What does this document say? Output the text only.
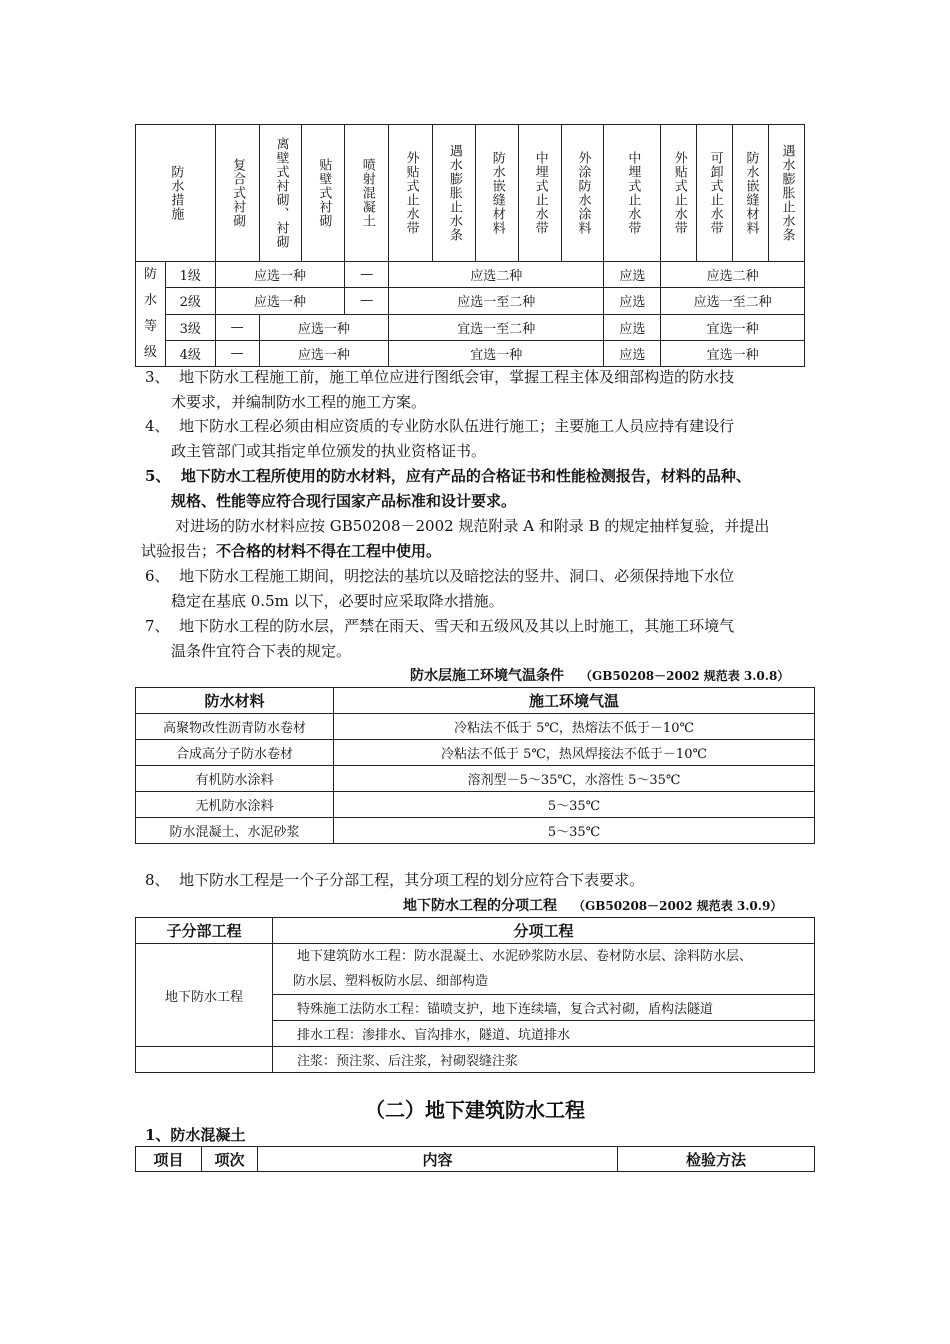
防水措施		复合式衬砌	离壁式衬砌、衬砌	贴壁式衬砌	喷射混凝土	外贴式止水带	遇水膨胀止水条	防水嵌缝材料	中埋式止水带	外涂防水涂料	中埋式止水带	外贴式止水带	可卸式止水带	防水嵌缝材料	遇水膨胀止水条

防
水
等
级	1级	应选一种			—	应选二种					应选	应选二种			
	2级	应选一种			—	应选一至二种					应选	应选一至二种			
	3级	—	应选一种			宜选一至二种					应选	宜选一种			
	4级	—	应选一种			宜选一种					应选	宜选一种			
3、 地下防水工程施工前，施工单位应进行图纸会审，掌握工程主体及细部构造的防水技
术要求，并编制防水工程的施工方案。
4、 地下防水工程必须由相应资质的专业防水队伍进行施工；主要施工人员应持有建设行
政主管部门或其指定单位颁发的执业资格证书。
5、 地下防水工程所使用的防水材料，应有产品的合格证书和性能检测报告，材料的品种、
规格、性能等应符合现行国家产品标准和设计要求。
对进场的防水材料应按 GB50208－2002 规范附录 A 和附录 B 的规定抽样复验，并提出
试验报告；不合格的材料不得在工程中使用。
6、 地下防水工程施工期间，明挖法的基坑以及暗挖法的竖井、洞口、必须保持地下水位
稳定在基底 0.5m 以下，必要时应采取降水措施。
7、 地下防水工程的防水层，严禁在雨天、雪天和五级风及其以上时施工，其施工环境气
温条件宜符合下表的规定。
防水层施工环境气温条件 （GB50208－2002 规范表 3.0.8）
防水材料	施工环境气温
高聚物改性沥青防水卷材	冷粘法不低于 5℃，热熔法不低于－10℃
合成高分子防水卷材	冷粘法不低于 5℃，热风焊接法不低于－10℃
有机防水涂料	溶剂型－5～35℃，水溶性 5～35℃
无机防水涂料	5～35℃
防水混凝土、水泥砂浆	5～35℃
8、 地下防水工程是一个子分部工程，其分项工程的划分应符合下表要求。
地下防水工程的分项工程 （GB50208－2002 规范表 3.0.9）
子分部工程	分项工程
地下防水工程	地下建筑防水工程：防水混凝土、水泥砂浆防水层、卷材防水层、涂料防水层、
防水层、塑料板防水层、细部构造
	特殊施工法防水工程：锚喷支护，地下连续墙，复合式衬砌，盾构法隧道
	排水工程：渗排水、盲沟排水，隧道、坑道排水
	注浆：预注浆、后注浆，衬砌裂缝注浆
（二）地下建筑防水工程
1、防水混凝土
项目	项次	内容	检验方法
